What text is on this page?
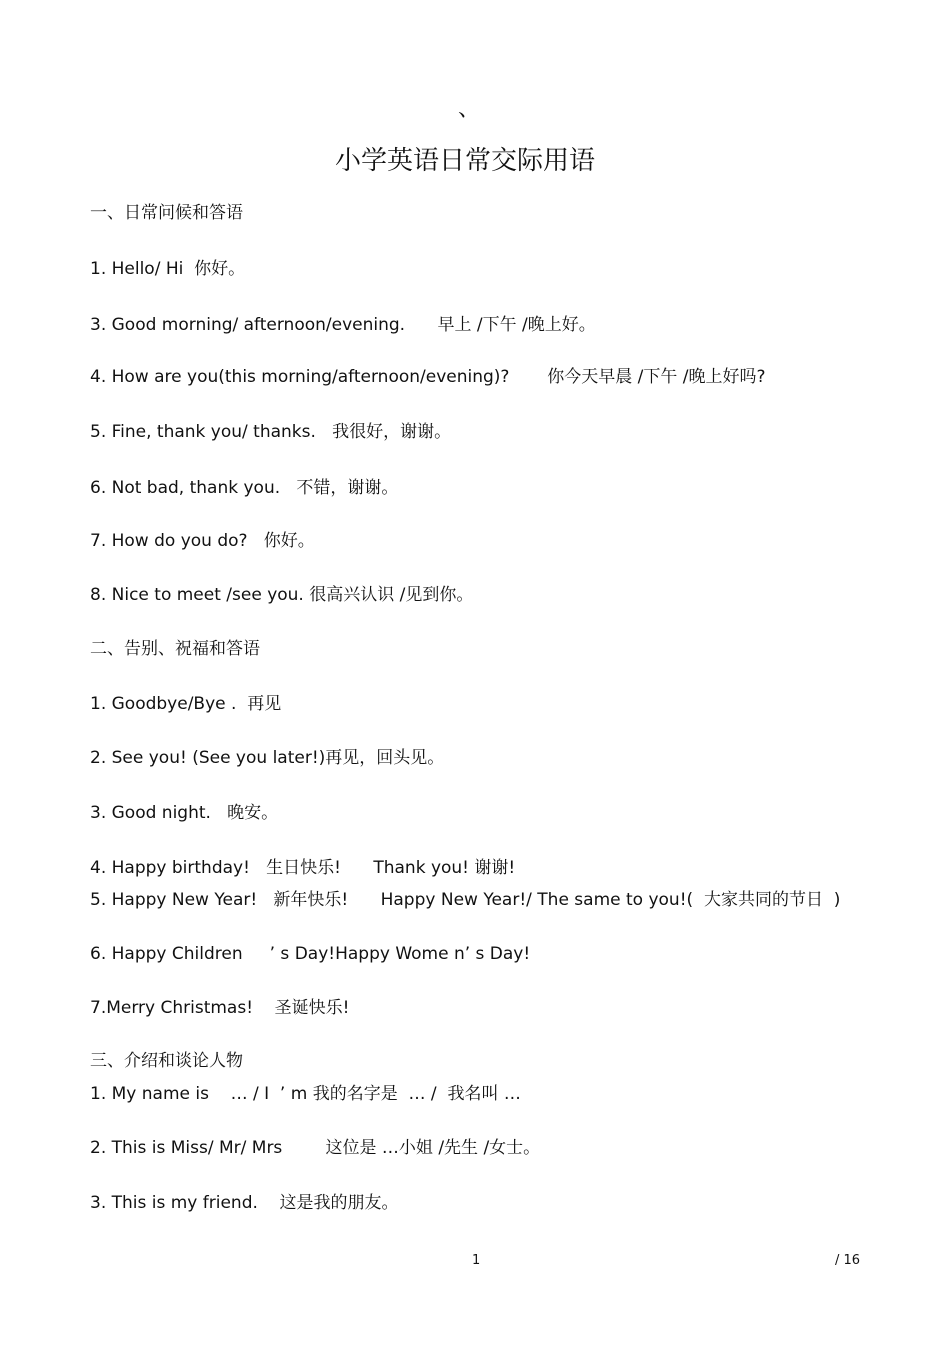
、
小学英语日常交际用语
一、日常问候和答语
1. Hello/ Hi  你好。
3. Good morning/ afternoon/evening.      早上 /下午 /晚上好。
4. How are you(this morning/afternoon/evening)?       你今天早晨 /下午 /晚上好吗?
5. Fine, thank you/ thanks.   我很好，谢谢。
6. Not bad, thank you.   不错，谢谢。
7. How do you do?   你好。
8. Nice to meet /see you. 很高兴认识 /见到你。
二、告别、祝福和答语
1. Goodbye/Bye .  再见
2. See you! (See you later!)再见，回头见。
3. Good night.   晚安。
4. Happy birthday!   生日快乐!      Thank you! 谢谢!
5. Happy New Year!   新年快乐!      Happy New Year!/ The same to you!(  大家共同的节日  )
6. Happy Children     ’ s Day!Happy Wome n’ s Day!
7.Merry Christmas!    圣诞快乐!
三、介绍和谈论人物
1. My name is    … / I  ’ m 我的名字是  … /  我名叫 …
2. This is Miss/ Mr/ Mrs        这位是 …小姐 /先生 /女士。
3. This is my friend.    这是我的朋友。
1	/ 16
